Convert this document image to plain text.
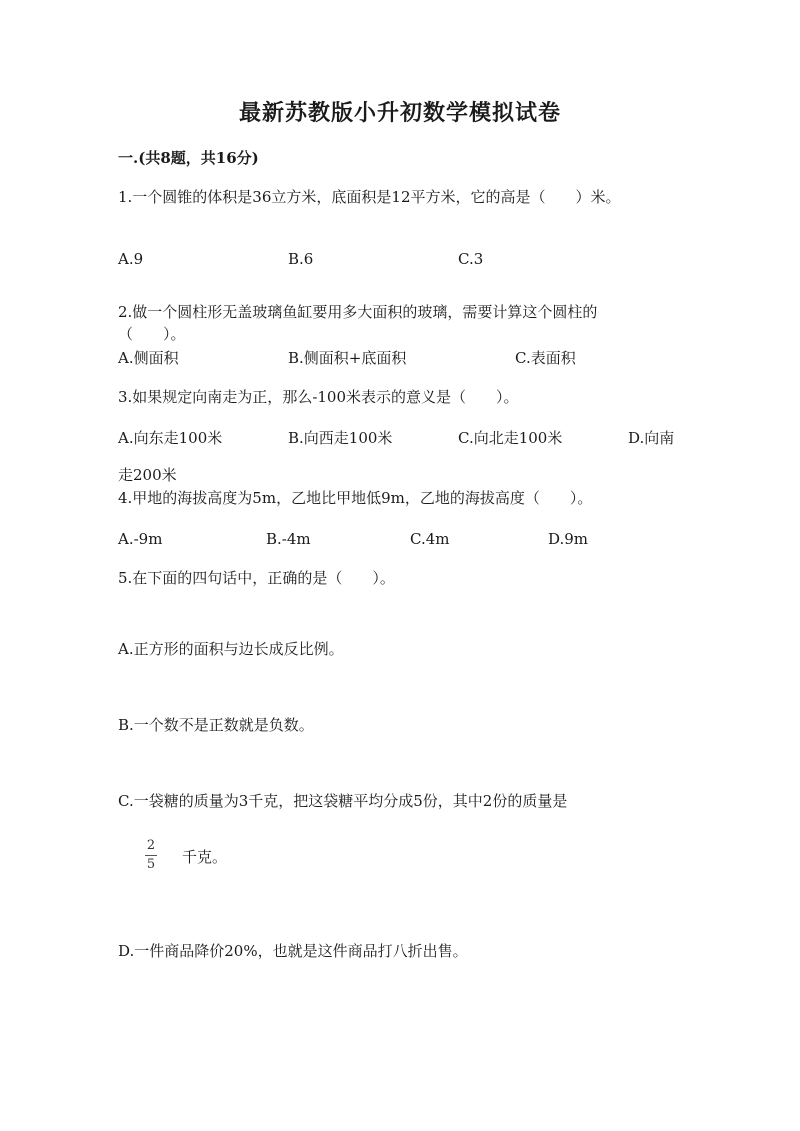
最新苏教版小升初数学模拟试卷
一.(共8题，共16分)

1.一个圆锥的体积是36立方米，底面积是12平方米，它的高是（　　）米。

A.9	B.6	C.3

2.做一个圆柱形无盖玻璃鱼缸要用多大面积的玻璃，需要计算这个圆柱的

（　　）。

A.侧面积	B.侧面积+底面积	C.表面积

3.如果规定向南走为正，那么-100米表示的意义是（　　）。

A.向东走100米	B.向西走100米	C.向北走100米	D.向南

走200米

4.甲地的海拔高度为5m，乙地比甲地低9m，乙地的海拔高度（　　）。

A.-9m	B.-4m	C.4m	D.9m

5.在下面的四句话中，正确的是（　　）。

A.正方形的面积与边长成反比例。

B.一个数不是正数就是负数。

C.一袋糖的质量为3千克，把这袋糖平均分成5份，其中2份的质量是

2
5 千克。

D.一件商品降价20%，也就是这件商品打八折出售。
